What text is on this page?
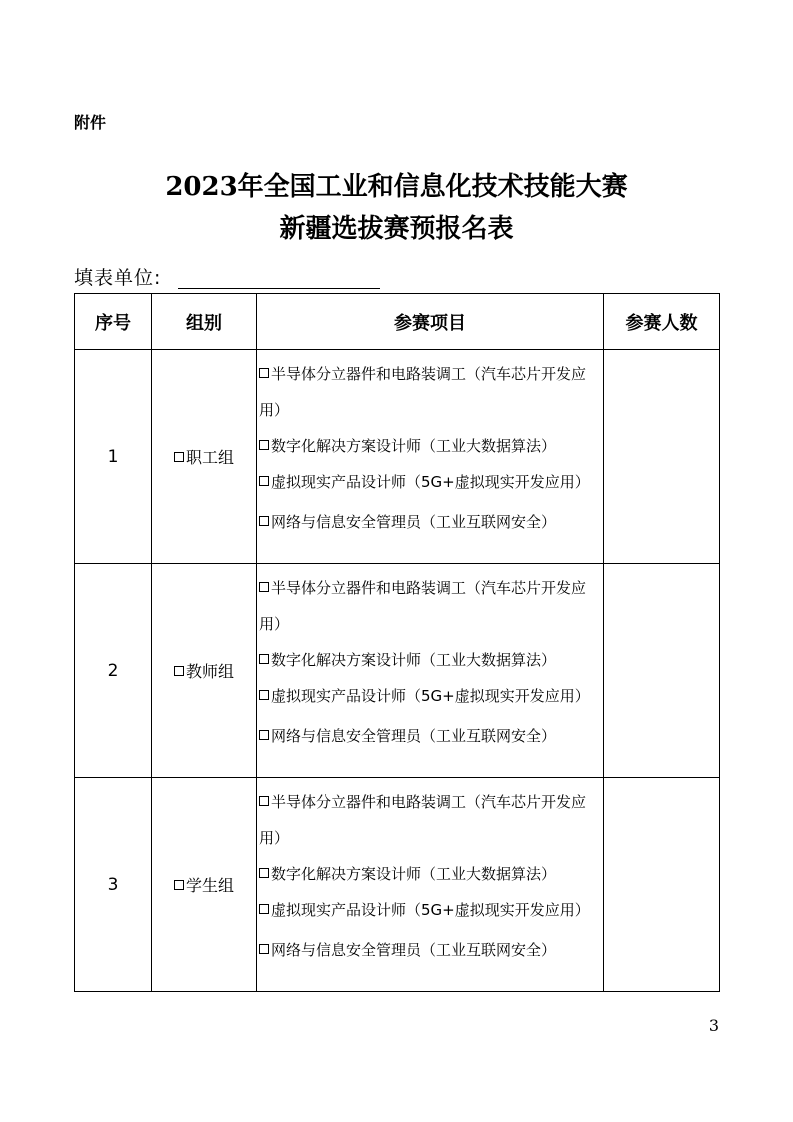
附件
2023年全国工业和信息化技术技能大赛
新疆选拔赛预报名表
填表单位:
序号	组别	参赛项目	参赛人数
1	职工组	半导体分立器件和电路装调工（汽车芯片开发应用）
数字化解决方案设计师（工业大数据算法）
虚拟现实产品设计师（5G+虚拟现实开发应用）
网络与信息安全管理员（工业互联网安全）	

2	教师组	半导体分立器件和电路装调工（汽车芯片开发应用）
数字化解决方案设计师（工业大数据算法）
虚拟现实产品设计师（5G+虚拟现实开发应用）
网络与信息安全管理员（工业互联网安全）	

3	学生组	半导体分立器件和电路装调工（汽车芯片开发应用）
数字化解决方案设计师（工业大数据算法）
虚拟现实产品设计师（5G+虚拟现实开发应用）
网络与信息安全管理员（工业互联网安全）	

3
